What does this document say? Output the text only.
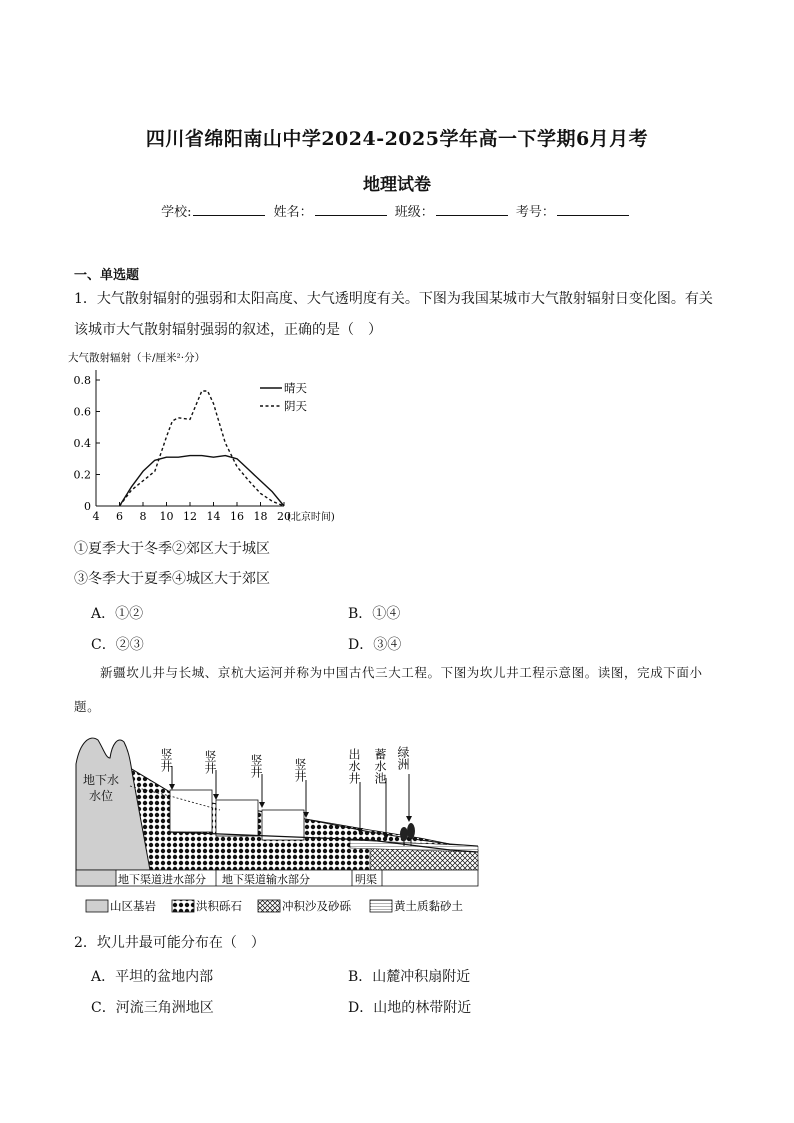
四川省绵阳南山中学2024-2025学年高一下学期6月月考
地理试卷
学校:	姓名：	班级：	考号：
一、单选题
1．大气散射辐射的强弱和太阳高度、大气透明度有关。下图为我国某城市大气散射辐射日变化图。有关该城市大气散射辐射强弱的叙述，正确的是（　）
大气散射辐射（卡/厘米²·分）
0
0.2
0.4
0.6
0.8
4 6 8 10 12 14 16 18 20
(北京时间)
晴天
阴天
①夏季大于冬季②郊区大于城区
③冬季大于夏季④城区大于郊区
A．①②	B．①④
C．②③	D．③④
新疆坎儿井与长城、京杭大运河并称为中国古代三大工程。下图为坎儿井工程示意图。读图，完成下面小题。
竖井	竖井	竖井	竖井	出水井 蓄水池 绿洲
地下水水位
地下渠道进水部分 地下渠道输水部分	明渠
山区基岩	洪积砾石	冲积沙及砂砾	黄土质黏砂土
2．坎儿井最可能分布在（　）
A．平坦的盆地内部	B．山麓冲积扇附近
C．河流三角洲地区	D．山地的林带附近
